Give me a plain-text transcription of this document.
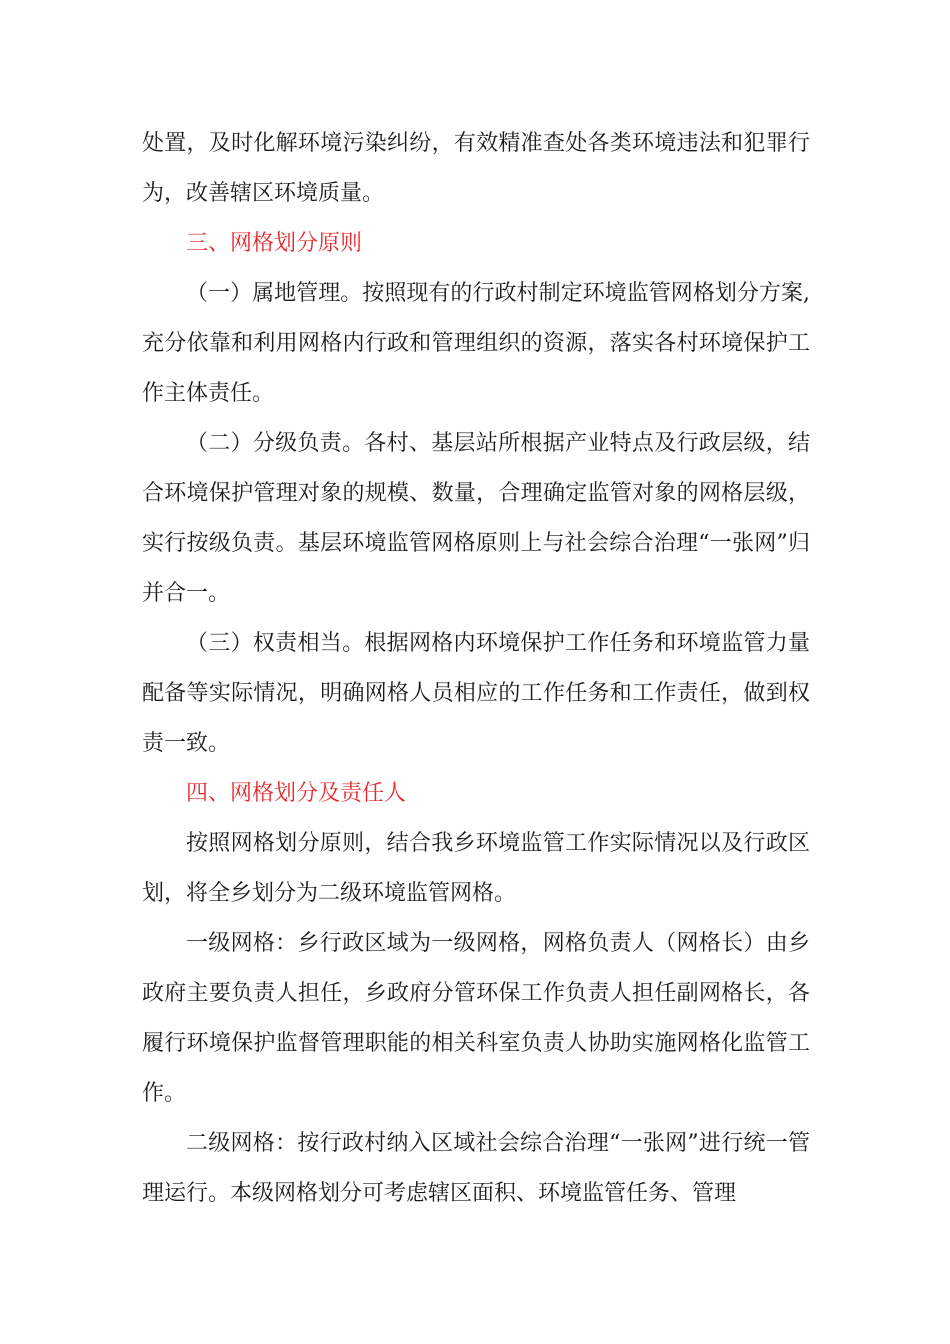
处置，及时化解环境污染纠纷，有效精准查处各类环境违法和犯罪行为，改善辖区环境质量。

三、网格划分原则

（一）属地管理。按照现有的行政村制定环境监管网格划分方案,充分依靠和利用网格内行政和管理组织的资源，落实各村环境保护工作主体责任。

（二）分级负责。各村、基层站所根据产业特点及行政层级，结合环境保护管理对象的规模、数量，合理确定监管对象的网格层级，实行按级负责。基层环境监管网格原则上与社会综合治理“一张网”归并合一。

（三）权责相当。根据网格内环境保护工作任务和环境监管力量配备等实际情况，明确网格人员相应的工作任务和工作责任，做到权责一致。

四、网格划分及责任人

按照网格划分原则，结合我乡环境监管工作实际情况以及行政区划，将全乡划分为二级环境监管网格。

一级网格：乡行政区域为一级网格，网格负责人（网格长）由乡政府主要负责人担任，乡政府分管环保工作负责人担任副网格长，各履行环境保护监督管理职能的相关科室负责人协助实施网格化监管工作。

二级网格：按行政村纳入区域社会综合治理“一张网”进行统一管理运行。本级网格划分可考虑辖区面积、环境监管任务、管理
